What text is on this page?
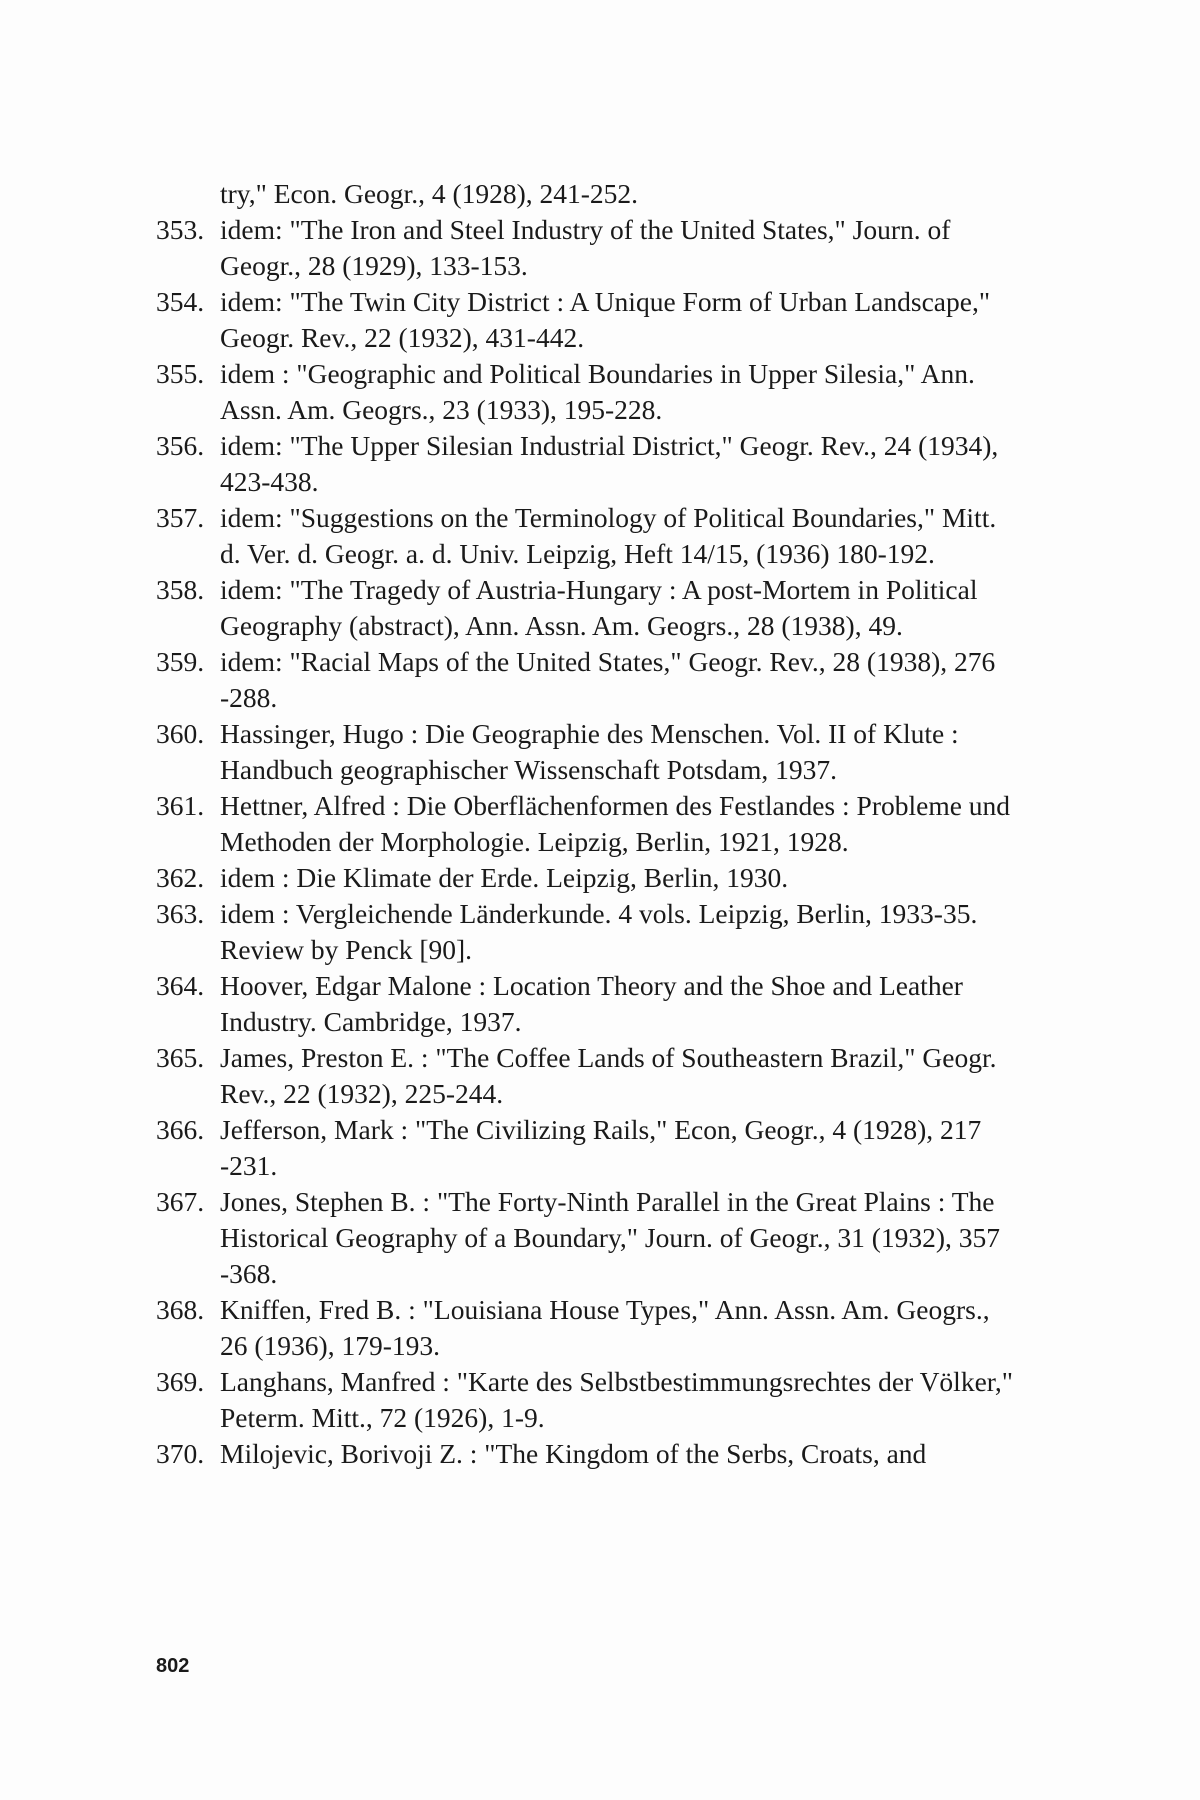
try," Econ. Geogr., 4 (1928), 241-252.

353. idem: "The Iron and Steel Industry of the United States," Journ. of Geogr., 28 (1929), 133-153.

354. idem: "The Twin City District : A Unique Form of Urban Landscape," Geogr. Rev., 22 (1932), 431-442.

355. idem : "Geographic and Political Boundaries in Upper Silesia," Ann. Assn. Am. Geogrs., 23 (1933), 195-228.

356. idem: "The Upper Silesian Industrial District," Geogr. Rev., 24 (1934), 423-438.

357. idem: "Suggestions on the Terminology of Political Boundaries," Mitt. d. Ver. d. Geogr. a. d. Univ. Leipzig, Heft 14/15, (1936) 180-192.

358. idem: "The Tragedy of Austria-Hungary : A post-Mortem in Political Geography (abstract), Ann. Assn. Am. Geogrs., 28 (1938), 49.

359. idem: "Racial Maps of the United States," Geogr. Rev., 28 (1938), 276 -288.

360. Hassinger, Hugo : Die Geographie des Menschen. Vol. II of Klute : Handbuch geographischer Wissenschaft Potsdam, 1937.

361. Hettner, Alfred : Die Oberflächenformen des Festlandes : Probleme und Methoden der Morphologie. Leipzig, Berlin, 1921, 1928.

362. idem : Die Klimate der Erde. Leipzig, Berlin, 1930.

363. idem : Vergleichende Länderkunde. 4 vols. Leipzig, Berlin, 1933-35. Review by Penck [90].

364. Hoover, Edgar Malone : Location Theory and the Shoe and Leather Industry. Cambridge, 1937.

365. James, Preston E. : "The Coffee Lands of Southeastern Brazil," Geogr. Rev., 22 (1932), 225-244.

366. Jefferson, Mark : "The Civilizing Rails," Econ, Geogr., 4 (1928), 217 -231.

367. Jones, Stephen B. : "The Forty-Ninth Parallel in the Great Plains : The Historical Geography of a Boundary," Journ. of Geogr., 31 (1932), 357 -368.

368. Kniffen, Fred B. : "Louisiana House Types," Ann. Assn. Am. Geogrs., 26 (1936), 179-193.

369. Langhans, Manfred : "Karte des Selbstbestimmungsrechtes der Völker," Peterm. Mitt., 72 (1926), 1-9.

370. Milojevic, Borivoji Z. : "The Kingdom of the Serbs, Croats, and

802
